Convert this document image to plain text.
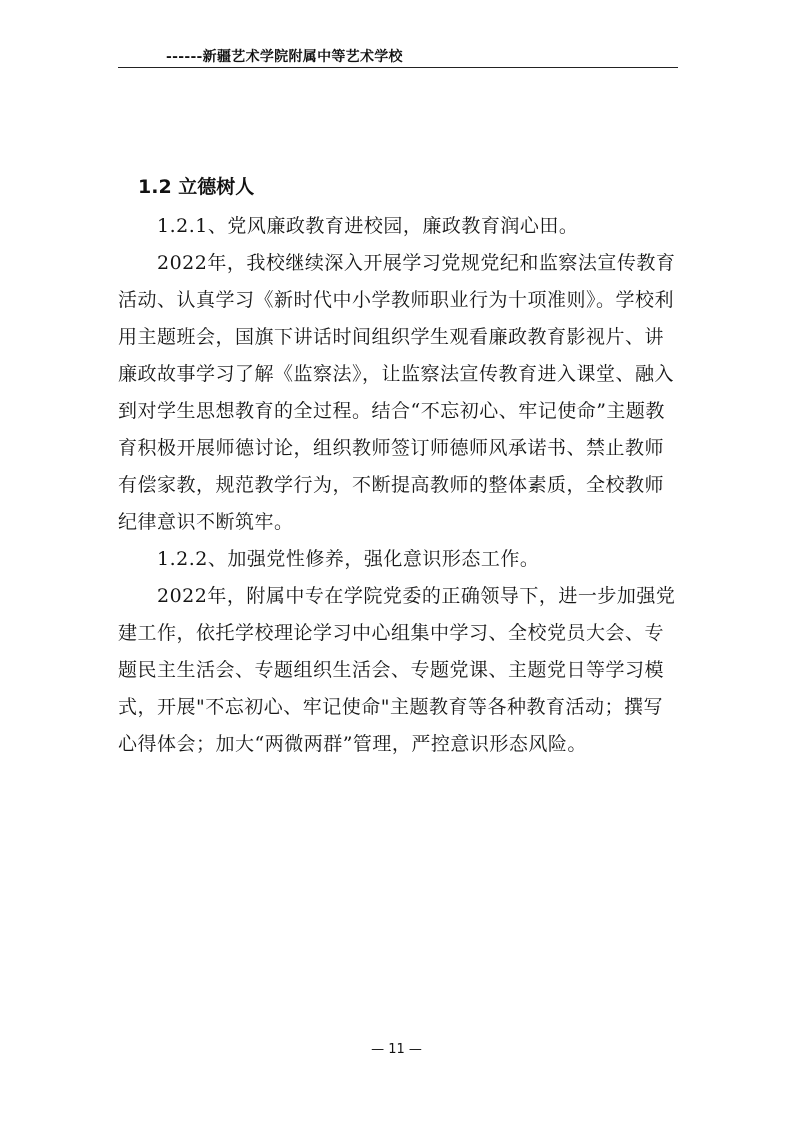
------新疆艺术学院附属中等艺术学校
1.2 立德树人

1.2.1、党风廉政教育进校园，廉政教育润心田。

2022年，我校继续深入开展学习党规党纪和监察法宣传教育活动、认真学习《新时代中小学教师职业行为十项准则》。学校利用主题班会，国旗下讲话时间组织学生观看廉政教育影视片、讲廉政故事学习了解《监察法》，让监察法宣传教育进入课堂、融入到对学生思想教育的全过程。结合“不忘初心、牢记使命”主题教育积极开展师德讨论，组织教师签订师德师风承诺书、禁止教师有偿家教，规范教学行为，不断提高教师的整体素质，全校教师纪律意识不断筑牢。

1.2.2、加强党性修养，强化意识形态工作。

2022年，附属中专在学院党委的正确领导下，进一步加强党建工作，依托学校理论学习中心组集中学习、全校党员大会、专题民主生活会、专题组织生活会、专题党课、主题党日等学习模式，开展"不忘初心、牢记使命"主题教育等各种教育活动；撰写心得体会；加大“两微两群”管理，严控意识形态风险。

— 11 —
